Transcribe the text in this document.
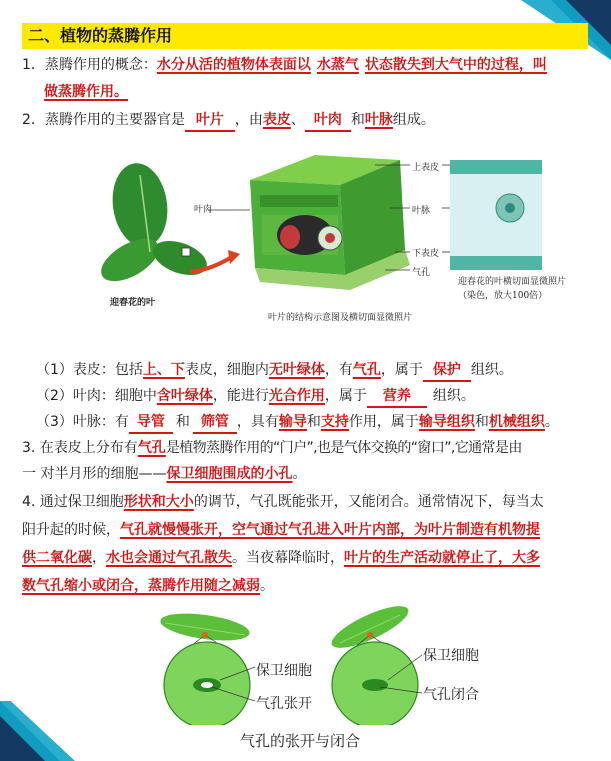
二、植物的蒸腾作用
1．蒸腾作用的概念：水分从活的植物体表面以 水蒸气 状态散失到大气中的过程，叫
做蒸腾作用。
2．蒸腾作用的主要器官是 叶片 ，由表皮、 叶肉 和叶脉组成。
叶肉
上表皮
叶脉
下表皮
气孔
迎春花的叶
叶片的结构示意图及横切面显微照片
迎春花的叶横切面显微照片（染色，放大100倍）
（1）表皮：包括上、下表皮，细胞内无叶绿体，有气孔，属于 保护 组织。
（2）叶肉：细胞中含叶绿体，能进行光合作用，属于 营养 组织。
（3）叶脉：有 导管 和 筛管 ，具有输导和支持作用，属于输导组织和机械组织。
3. 在表皮上分布有气孔是植物蒸腾作用的“门户”,也是气体交换的“窗口”,它通常是由
一 对半月形的细胞——保卫细胞围成的小孔。
4. 通过保卫细胞形状和大小的调节，气孔既能张开，又能闭合。通常情况下，每当太
阳升起的时候，气孔就慢慢张开，空气通过气孔进入叶片内部，为叶片制造有机物提
供二氧化碳，水也会通过气孔散失。当夜幕降临时，叶片的生产活动就停止了，大多
数气孔缩小或闭合，蒸腾作用随之减弱。
保卫细胞
气孔张开
保卫细胞
气孔闭合
气孔的张开与闭合
